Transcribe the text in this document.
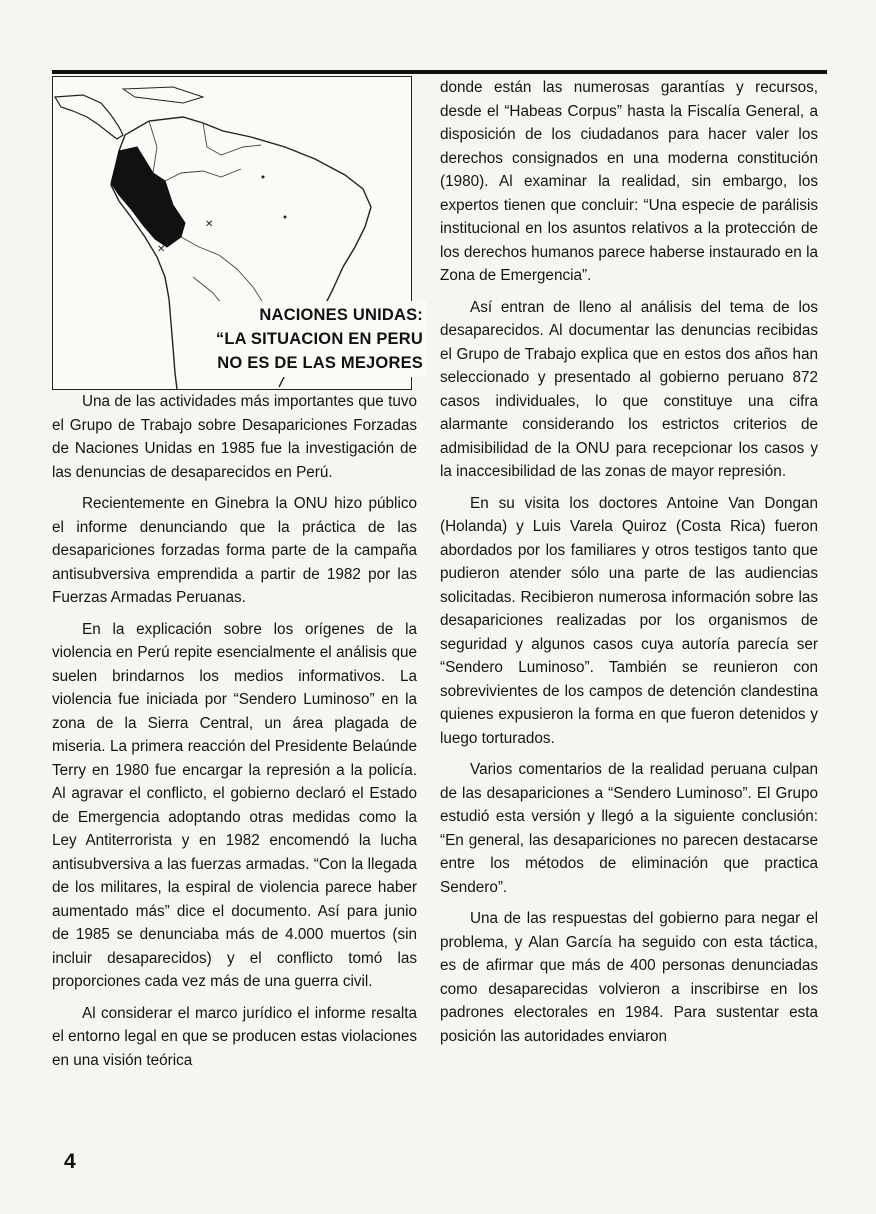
✕
✕
NACIONES UNIDAS:
“LA SITUACION EN PERU
NO ES DE LAS MEJORES

Una de las actividades más importantes que tuvo el Grupo de Trabajo sobre Desapariciones Forzadas de Naciones Unidas en 1985 fue la investigación de las denuncias de desaparecidos en Perú.

Recientemente en Ginebra la ONU hizo público el informe denunciando que la práctica de las desapariciones forzadas forma parte de la campaña antisubversiva emprendida a partir de 1982 por las Fuerzas Armadas Peruanas.

En la explicación sobre los orígenes de la violencia en Perú repite esencialmente el análisis que suelen brindarnos los medios informativos. La violencia fue iniciada por “Sendero Luminoso” en la zona de la Sierra Central, un área plagada de miseria. La primera reacción del Presidente Belaúnde Terry en 1980 fue encargar la represión a la policía. Al agravar el conflicto, el gobierno declaró el Estado de Emergencia adoptando otras medidas como la Ley Antiterrorista y en 1982 encomendó la lucha antisubversiva a las fuerzas armadas. “Con la llegada de los militares, la espiral de violencia parece haber aumentado más” dice el documento. Así para junio de 1985 se denunciaba más de 4.000 muertos (sin incluir desaparecidos) y el conflicto tomó las proporciones cada vez más de una guerra civil.

Al considerar el marco jurídico el informe resalta el entorno legal en que se producen estas violaciones en una visión teórica

donde están las numerosas garantías y recursos, desde el “Habeas Corpus” hasta la Fiscalía General, a disposición de los ciudadanos para hacer valer los derechos consignados en una moderna constitución (1980). Al examinar la realidad, sin embargo, los expertos tienen que concluir: “Una especie de parálisis institucional en los asuntos relativos a la protección de los derechos humanos parece haberse instaurado en la Zona de Emergencia”.

Así entran de lleno al análisis del tema de los desaparecidos. Al documentar las denuncias recibidas el Grupo de Trabajo explica que en estos dos años han seleccionado y presentado al gobierno peruano 872 casos individuales, lo que constituye una cifra alarmante considerando los estrictos criterios de admisibilidad de la ONU para recepcionar los casos y la inaccesibilidad de las zonas de mayor represión.

En su visita los doctores Antoine Van Dongan (Holanda) y Luis Varela Quiroz (Costa Rica) fueron abordados por los familiares y otros testigos tanto que pudieron atender sólo una parte de las audiencias solicitadas. Recibieron numerosa información sobre las desapariciones realizadas por los organismos de seguridad y algunos casos cuya autoría parecía ser “Sendero Luminoso”. También se reunieron con sobrevivientes de los campos de detención clandestina quienes expusieron la forma en que fueron detenidos y luego torturados.

Varios comentarios de la realidad peruana culpan de las desapariciones a “Sendero Luminoso”. El Grupo estudió esta versión y llegó a la siguiente conclusión: “En general, las desapariciones no parecen destacarse entre los métodos de eliminación que practica Sendero”.

Una de las respuestas del gobierno para negar el problema, y Alan García ha seguido con esta táctica, es de afirmar que más de 400 personas denunciadas como desaparecidas volvieron a inscribirse en los padrones electorales en 1984. Para sustentar esta posición las autoridades enviaron

4
